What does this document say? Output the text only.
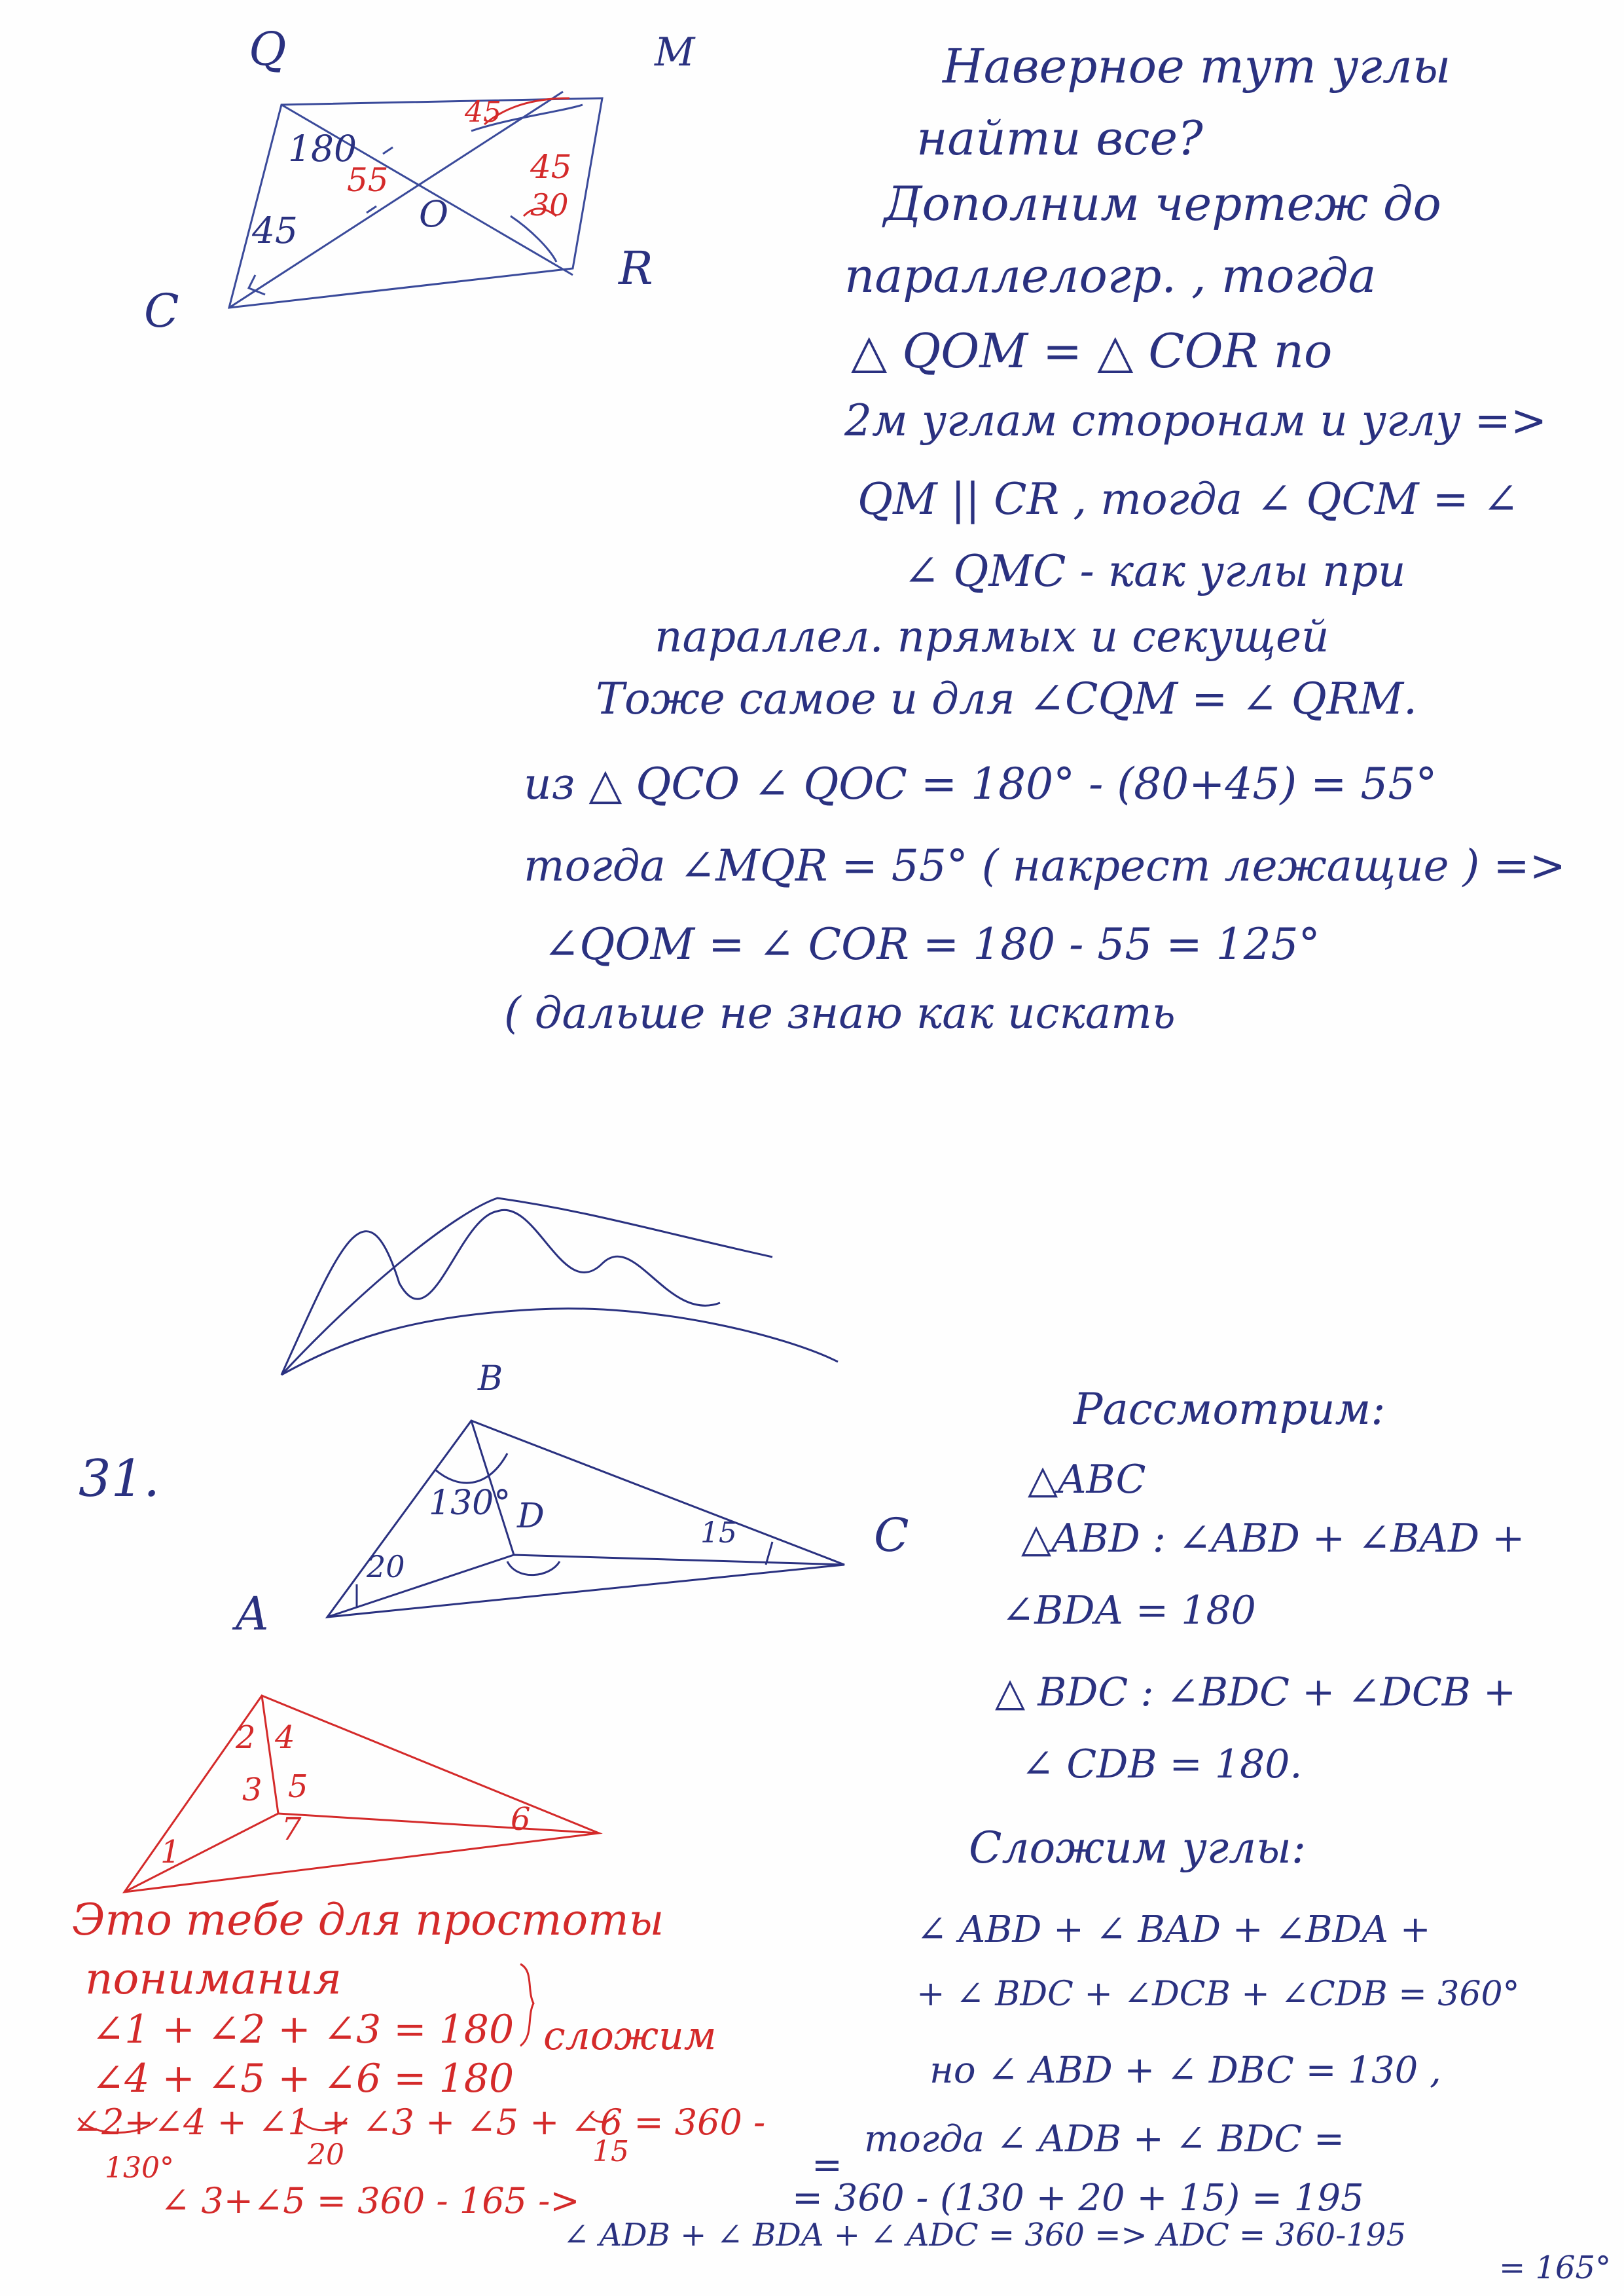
Q	M
C
R
O
180
45
55
45
45
30
Наверное тут углы
найти все?
Дополним чертеж до
параллелогр. , тогда
△ QOM = △ COR по
2м углам сторонам и углу =>
QM || CR , тогда ∠ QCM = ∠
∠ QMC - как углы при
параллел. прямых и секущей
Тоже самое и для ∠CQM = ∠ QRM.
из △ QCO ∠ QOC = 180° - (80+45) = 55°
тогда ∠MQR = 55° ( накрест лежащие ) =>
∠QOM = ∠ COR = 180 - 55 = 125°
( дальше не знаю как искать
31.
B
A
C
D
130°
20
15
2 4
3 5
1
7	6
Это тебе для простоты
понимания
∠1 + ∠2 + ∠3 = 180
∠4 + ∠5 + ∠6 = 180
сложим
∠2+∠4 + ∠1 + ∠3 + ∠5 + ∠6 = 360 -
130°	20	15
∠ 3+∠5 = 360 - 165 ->
Рассмотрим:
△ABC
△ABD : ∠ABD + ∠BAD +
∠BDA = 180
△ BDC : ∠BDC + ∠DCB +
∠ CDB = 180.
Сложим углы:
∠ ABD + ∠ BAD + ∠BDA +
+ ∠ BDC + ∠DCB + ∠CDB = 360°
но ∠ ABD + ∠ DBC = 130 ,
тогда ∠ ADB + ∠ BDC =
= 360 - (130 + 20 + 15) = 195
=
∠ ADB + ∠ BDA + ∠ ADC = 360 => ADC = 360-195
= 165°
